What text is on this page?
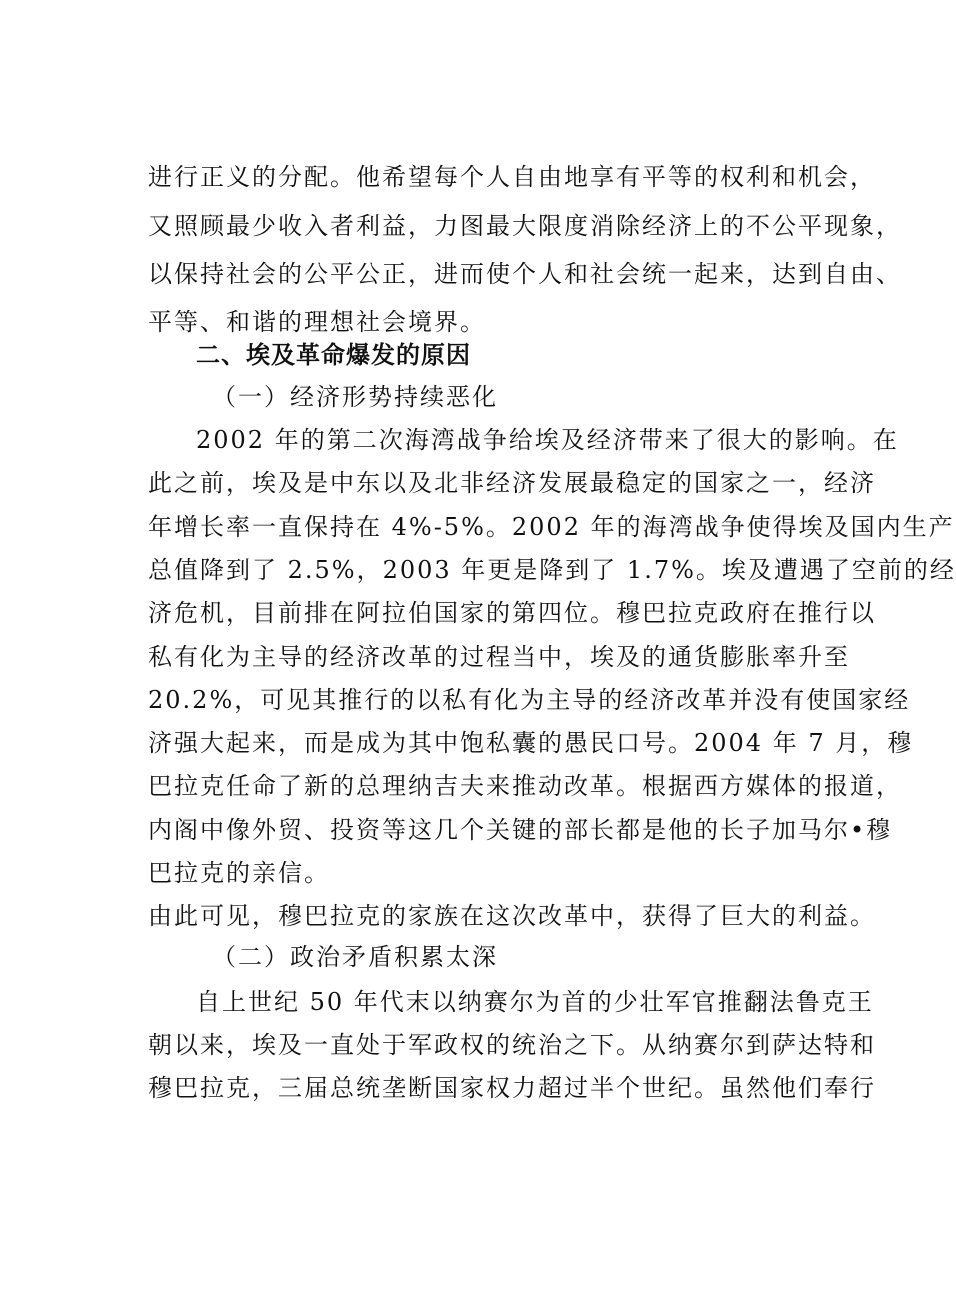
进行正义的分配。他希望每个人自由地享有平等的权利和机会，
又照顾最少收入者利益，力图最大限度消除经济上的不公平现象，
以保持社会的公平公正，进而使个人和社会统一起来，达到自由、
平等、和谐的理想社会境界。
二、埃及革命爆发的原因
（一）经济形势持续恶化
2002 年的第二次海湾战争给埃及经济带来了很大的影响。在
此之前，埃及是中东以及北非经济发展最稳定的国家之一，经济
年增长率一直保持在 4%-5%。2002 年的海湾战争使得埃及国内生产
总值降到了 2.5%，2003 年更是降到了 1.7%。埃及遭遇了空前的经
济危机，目前排在阿拉伯国家的第四位。穆巴拉克政府在推行以
私有化为主导的经济改革的过程当中，埃及的通货膨胀率升至
20.2%，可见其推行的以私有化为主导的经济改革并没有使国家经
济强大起来，而是成为其中饱私囊的愚民口号。2004 年 7 月，穆
巴拉克任命了新的总理纳吉夫来推动改革。根据西方媒体的报道，
内阁中像外贸、投资等这几个关键的部长都是他的长子加马尔•穆
巴拉克的亲信。
由此可见，穆巴拉克的家族在这次改革中，获得了巨大的利益。
（二）政治矛盾积累太深
自上世纪 50 年代末以纳赛尔为首的少壮军官推翻法鲁克王
朝以来，埃及一直处于军政权的统治之下。从纳赛尔到萨达特和
穆巴拉克，三届总统垄断国家权力超过半个世纪。虽然他们奉行
